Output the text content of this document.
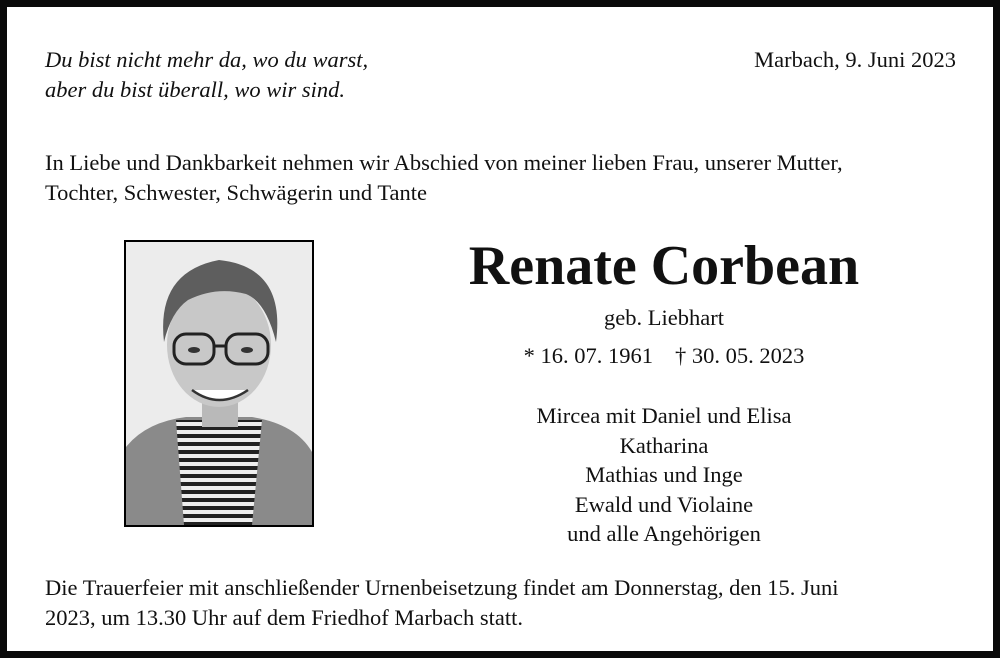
Du bist nicht mehr da, wo du warst,
aber du bist überall, wo wir sind.
Marbach, 9. Juni 2023
In Liebe und Dankbarkeit nehmen wir Abschied von meiner lieben Frau, unserer Mutter,
Tochter, Schwester, Schwägerin und Tante
Renate Corbean
geb. Liebhart
* 16. 07. 1961 † 30. 05. 2023
Mircea mit Daniel und Elisa
Katharina
Mathias und Inge
Ewald und Violaine
und alle Angehörigen
Die Trauerfeier mit anschließender Urnenbeisetzung findet am Donnerstag, den 15. Juni
2023, um 13.30 Uhr auf dem Friedhof Marbach statt.
